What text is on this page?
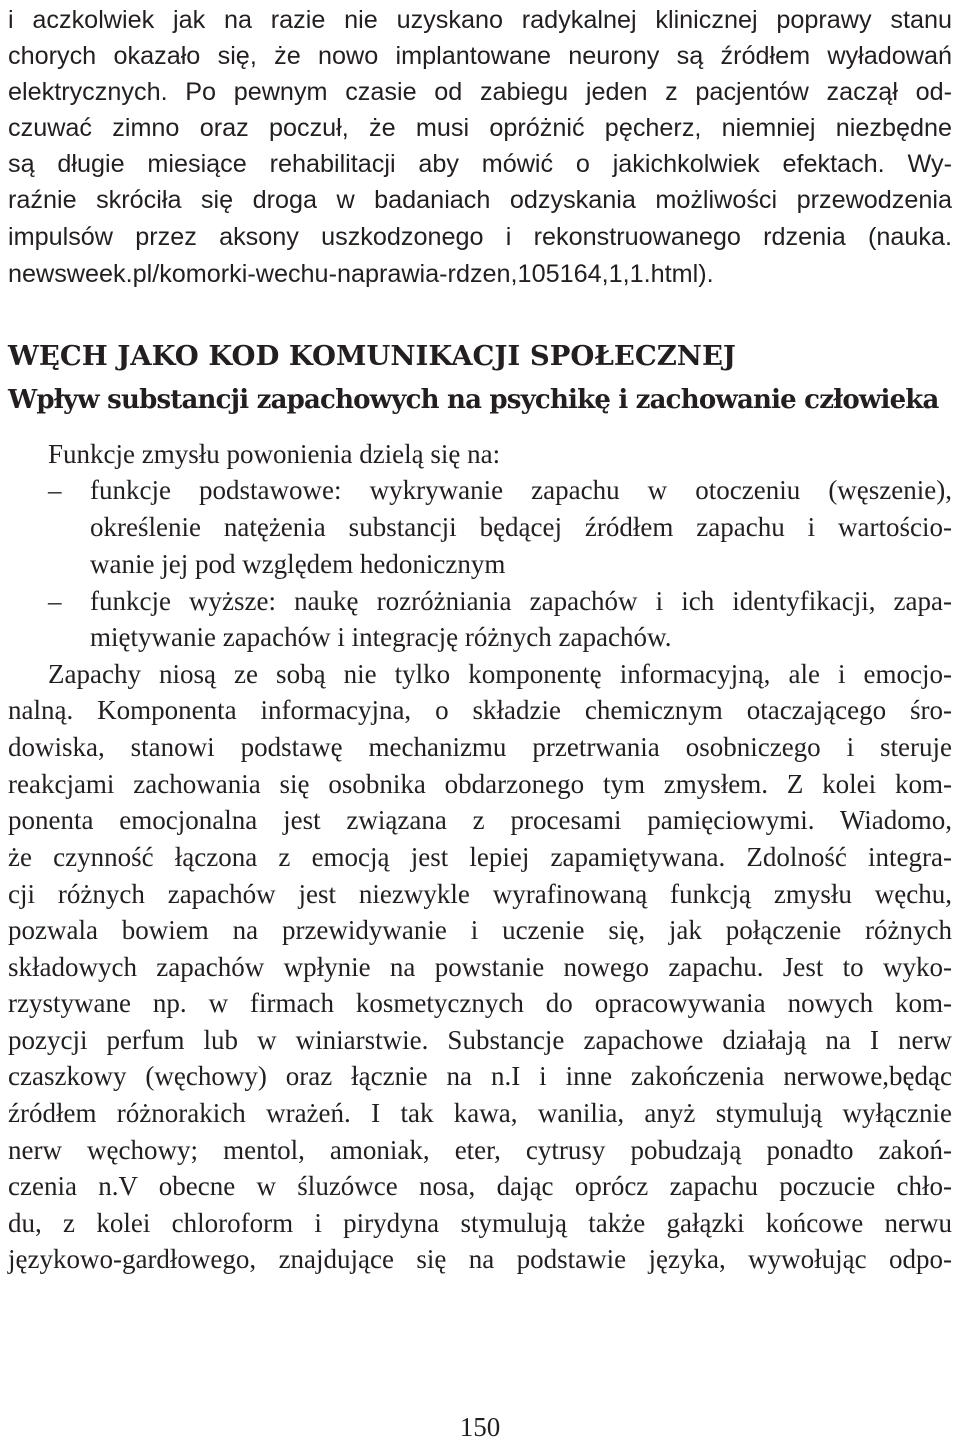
i aczkolwiek jak na razie nie uzyskano radykalnej klinicznej poprawy stanu
chorych okazało się, że nowo implantowane neurony są źródłem wyładowań
elektrycznych. Po pewnym czasie od zabiegu jeden z pacjentów zaczął od-
czuwać zimno oraz poczuł, że musi opróżnić pęcherz, niemniej niezbędne
są długie miesiące rehabilitacji aby mówić o jakichkolwiek efektach. Wy-
raźnie skróciła się droga w badaniach odzyskania możliwości przewodzenia
impulsów przez aksony uszkodzonego i rekonstruowanego rdzenia (nauka.
newsweek.pl/komorki-wechu-naprawia-rdzen,105164,1,1.html).
WĘCH JAKO KOD KOMUNIKACJI SPOŁECZNEJ
Wpływ substancji zapachowych na psychikę i zachowanie człowieka
Funkcje zmysłu powonienia dzielą się na:
– funkcje podstawowe: wykrywanie zapachu w otoczeniu (węszenie),
określenie natężenia substancji będącej źródłem zapachu i wartościo-
wanie jej pod względem hedonicznym
– funkcje wyższe: naukę rozróżniania zapachów i ich identyfikacji, zapa-
miętywanie zapachów i integrację różnych zapachów.
Zapachy niosą ze sobą nie tylko komponentę informacyjną, ale i emocjo-
nalną. Komponenta informacyjna, o składzie chemicznym otaczającego śro-
dowiska, stanowi podstawę mechanizmu przetrwania osobniczego i steruje
reakcjami zachowania się osobnika obdarzonego tym zmysłem. Z kolei kom-
ponenta emocjonalna jest związana z procesami pamięciowymi. Wiadomo,
że czynność łączona z emocją jest lepiej zapamiętywana. Zdolność integra-
cji różnych zapachów jest niezwykle wyrafinowaną funkcją zmysłu węchu,
pozwala bowiem na przewidywanie i uczenie się, jak połączenie różnych
składowych zapachów wpłynie na powstanie nowego zapachu. Jest to wyko-
rzystywane np. w firmach kosmetycznych do opracowywania nowych kom-
pozycji perfum lub w winiarstwie. Substancje zapachowe działają na I nerw
czaszkowy (węchowy) oraz łącznie na n.I i inne zakończenia nerwowe,będąc
źródłem różnorakich wrażeń. I tak kawa, wanilia, anyż stymulują wyłącznie
nerw węchowy; mentol, amoniak, eter, cytrusy pobudzają ponadto zakoń-
czenia n.V obecne w śluzówce nosa, dając oprócz zapachu poczucie chło-
du, z kolei chloroform i pirydyna stymulują także gałązki końcowe nerwu
językowo-gardłowego, znajdujące się na podstawie języka, wywołując odpo-
150
